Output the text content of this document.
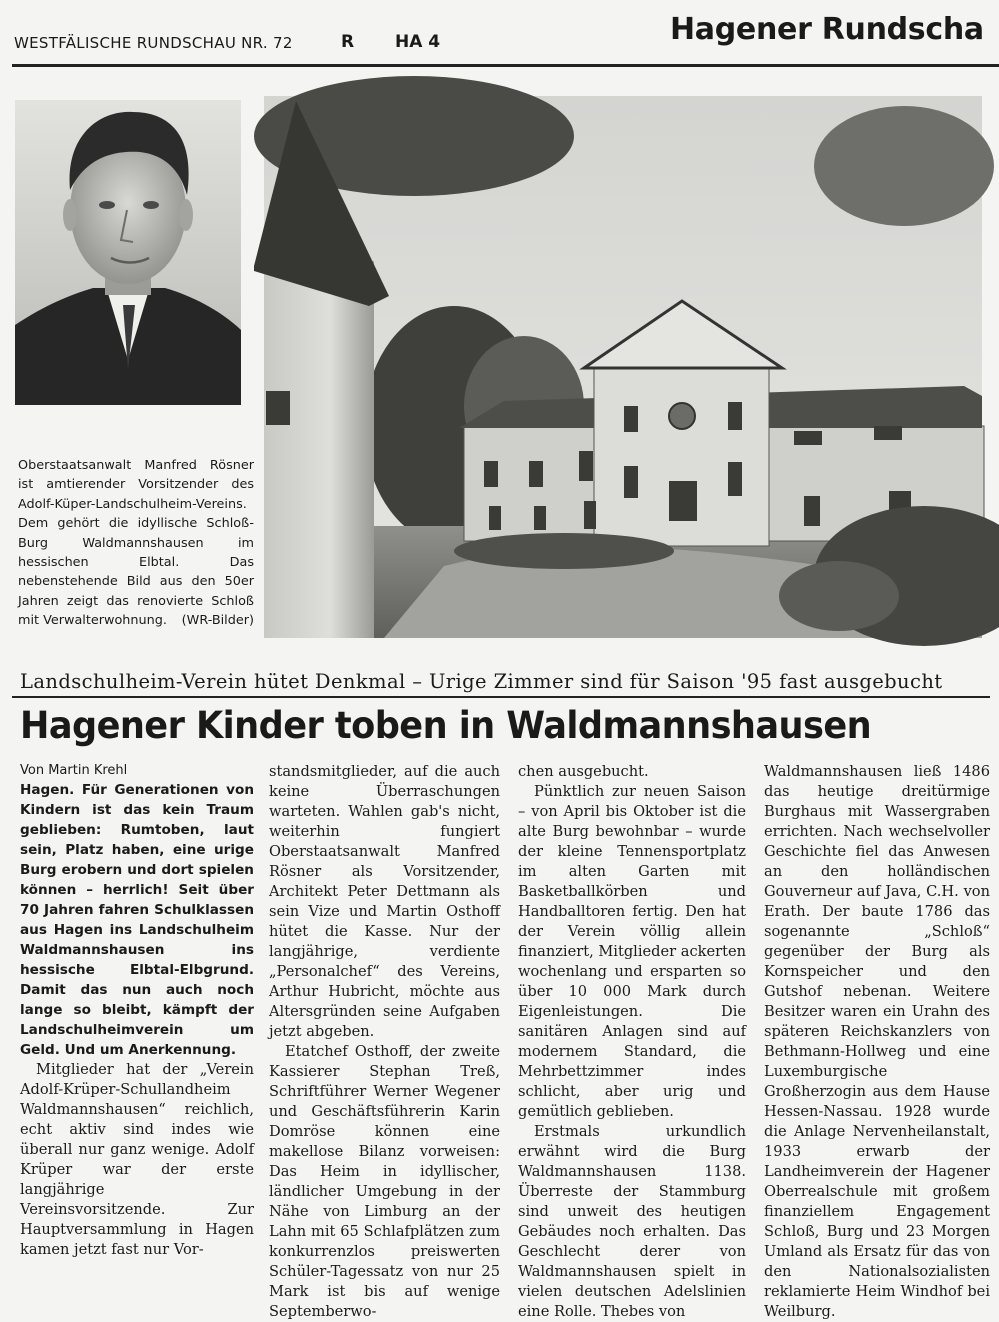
WESTFÄLISCHE RUNDSCHAU NR. 72	R HA 4	Hagener Rundscha

Oberstaatsanwalt Manfred Rösner ist amtierender Vorsitzender des Adolf-Küper-Landschulheim-Vereins. Dem gehört die idyllische Schloß-Burg Waldmannshausen im hessischen Elbtal. Das nebenstehende Bild aus den 50er Jahren zeigt das renovierte Schloß mit Verwalterwohnung. (WR-Bilder)

Landschulheim-Verein hütet Denkmal – Urige Zimmer sind für Saison '95 fast ausgebucht
Hagener Kinder toben in Waldmannshausen

Von Martin Krehl

Hagen. Für Generationen von Kindern ist das kein Traum geblieben: Rumtoben, laut sein, Platz haben, eine urige Burg erobern und dort spielen können – herrlich! Seit über 70 Jahren fahren Schulklassen aus Hagen ins Landschulheim Waldmannshausen ins hessische Elbtal-Elbgrund. Damit das nun auch noch lange so bleibt, kämpft der Landschulheimverein um Geld. Und um Anerkennung.

Mitglieder hat der „Verein Adolf-Krüper-Schullandheim Waldmannshausen“ reichlich, echt aktiv sind indes wie überall nur ganz wenige. Adolf Krüper war der erste langjährige Vereinsvorsitzende. Zur Hauptversammlung in Hagen kamen jetzt fast nur Vor-

standsmitglieder, auf die auch keine Überraschungen warteten. Wahlen gab's nicht, weiterhin fungiert Oberstaatsanwalt Manfred Rösner als Vorsitzender, Architekt Peter Dettmann als sein Vize und Martin Osthoff hütet die Kasse. Nur der langjährige, verdiente „Personalchef“ des Vereins, Arthur Hubricht, möchte aus Altersgründen seine Aufgaben jetzt abgeben.

Etatchef Osthoff, der zweite Kassierer Stephan Treß, Schriftführer Werner Wegener und Geschäftsführerin Karin Domröse können eine makellose Bilanz vorweisen: Das Heim in idyllischer, ländlicher Umgebung in der Nähe von Limburg an der Lahn mit 65 Schlafplätzen zum konkurrenzlos preiswerten Schüler-Tagessatz von nur 25 Mark ist bis auf wenige Septemberwo-

chen ausgebucht.

Pünktlich zur neuen Saison – von April bis Oktober ist die alte Burg bewohnbar – wurde der kleine Tennensportplatz im alten Garten mit Basketballkörben und Handballtoren fertig. Den hat der Verein völlig allein finanziert, Mitglieder ackerten wochenlang und ersparten so über 10 000 Mark durch Eigenleistungen. Die sanitären Anlagen sind auf modernem Standard, die Mehrbettzimmer indes schlicht, aber urig und gemütlich geblieben.

Erstmals urkundlich erwähnt wird die Burg Waldmannshausen 1138. Überreste der Stammburg sind unweit des heutigen Gebäudes noch erhalten. Das Geschlecht derer von Waldmannshausen spielt in vielen deutschen Adelslinien eine Rolle. Thebes von

Waldmannshausen ließ 1486 das heutige dreitürmige Burghaus mit Wassergraben errichten. Nach wechselvoller Geschichte fiel das Anwesen an den holländischen Gouverneur auf Java, C.H. von Erath. Der baute 1786 das sogenannte „Schloß“ gegenüber der Burg als Kornspeicher und den Gutshof nebenan. Weitere Besitzer waren ein Urahn des späteren Reichskanzlers von Bethmann-Hollweg und eine Luxemburgische Großherzogin aus dem Hause Hessen-Nassau. 1928 wurde die Anlage Nervenheilanstalt, 1933 erwarb der Landheimverein der Hagener Oberrealschule mit großem finanziellem Engagement Schloß, Burg und 23 Morgen Umland als Ersatz für das von den Nationalsozialisten reklamierte Heim Windhof bei Weilburg.
